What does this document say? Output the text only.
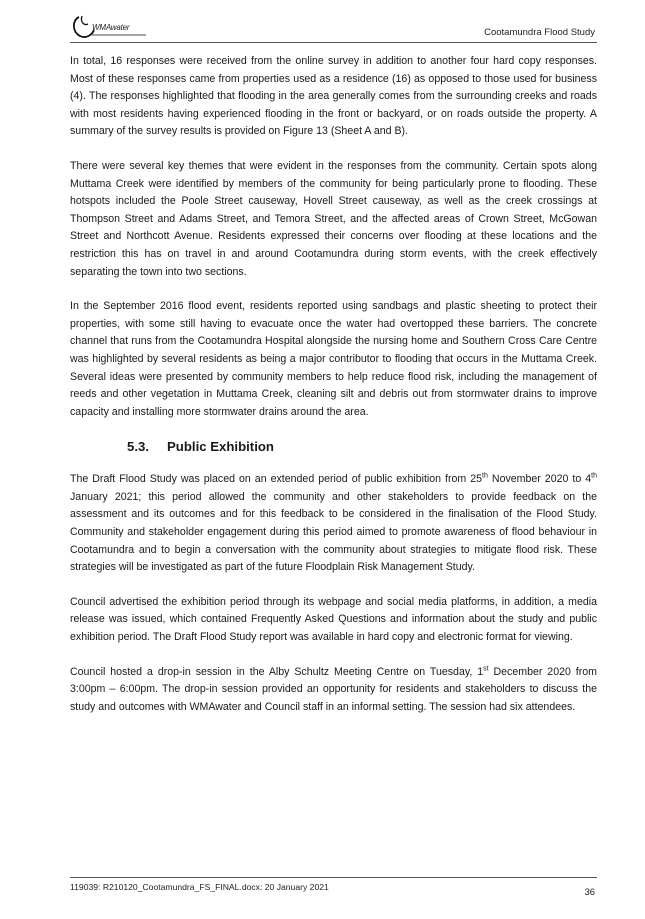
WMAwater	Cootamundra Flood Study

In total, 16 responses were received from the online survey in addition to another four hard copy responses. Most of these responses came from properties used as a residence (16) as opposed to those used for business (4). The responses highlighted that flooding in the area generally comes from the surrounding creeks and roads with most residents having experienced flooding in the front or backyard, or on roads outside the property. A summary of the survey results is provided on Figure 13 (Sheet A and B).

There were several key themes that were evident in the responses from the community. Certain spots along Muttama Creek were identified by members of the community for being particularly prone to flooding. These hotspots included the Poole Street causeway, Hovell Street causeway, as well as the creek crossings at Thompson Street and Adams Street, and Temora Street, and the affected areas of Crown Street, McGowan Street and Northcott Avenue. Residents expressed their concerns over flooding at these locations and the restriction this has on travel in and around Cootamundra during storm events, with the creek effectively separating the town into two sections.

In the September 2016 flood event, residents reported using sandbags and plastic sheeting to protect their properties, with some still having to evacuate once the water had overtopped these barriers. The concrete channel that runs from the Cootamundra Hospital alongside the nursing home and Southern Cross Care Centre was highlighted by several residents as being a major contributor to flooding that occurs in the Muttama Creek. Several ideas were presented by community members to help reduce flood risk, including the management of reeds and other vegetation in Muttama Creek, cleaning silt and debris out from stormwater drains to improve capacity and installing more stormwater drains around the area.

5.3. Public Exhibition

The Draft Flood Study was placed on an extended period of public exhibition from 25th November 2020 to 4th January 2021; this period allowed the community and other stakeholders to provide feedback on the assessment and its outcomes and for this feedback to be considered in the finalisation of the Flood Study. Community and stakeholder engagement during this period aimed to promote awareness of flood behaviour in Cootamundra and to begin a conversation with the community about strategies to mitigate flood risk. These strategies will be investigated as part of the future Floodplain Risk Management Study.

Council advertised the exhibition period through its webpage and social media platforms, in addition, a media release was issued, which contained Frequently Asked Questions and information about the study and public exhibition period. The Draft Flood Study report was available in hard copy and electronic format for viewing.

Council hosted a drop-in session in the Alby Schultz Meeting Centre on Tuesday, 1st December 2020 from 3:00pm – 6:00pm. The drop-in session provided an opportunity for residents and stakeholders to discuss the study and outcomes with WMAwater and Council staff in an informal setting. The session had six attendees.

119039: R210120_Cootamundra_FS_FINAL.docx: 20 January 2021	36
